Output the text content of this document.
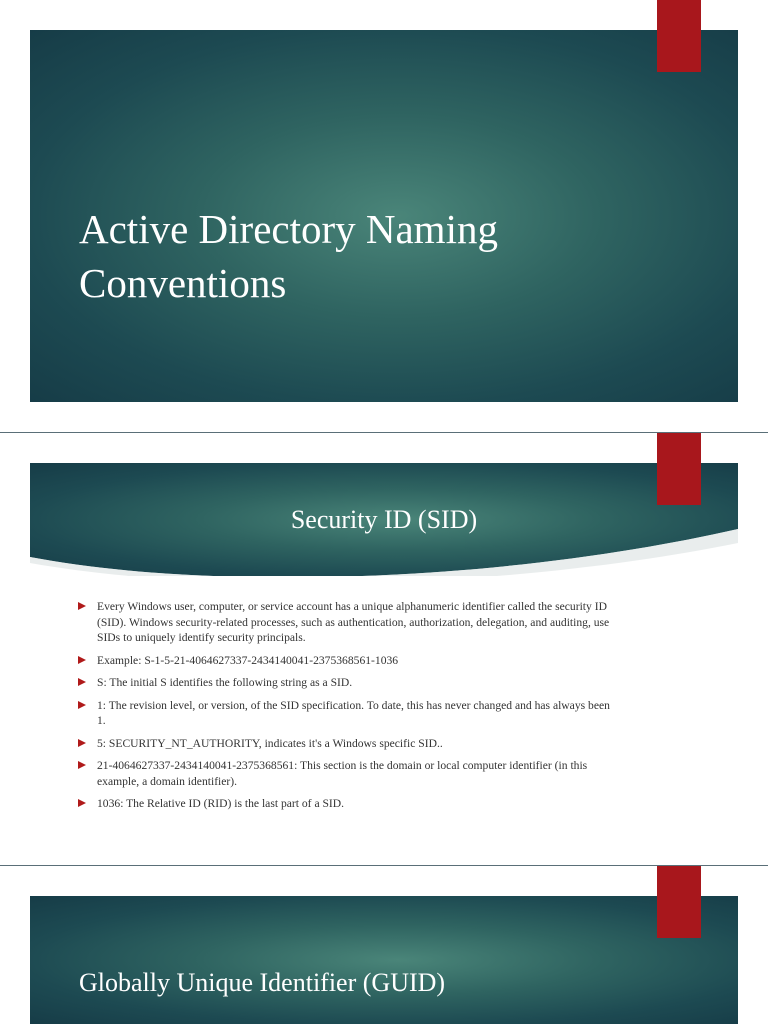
Active Directory Naming Conventions
Security ID (SID)
Every Windows user, computer, or service account has a unique alphanumeric identifier called the security ID (SID). Windows security-related processes, such as authentication, authorization, delegation, and auditing, use SIDs to uniquely identify security principals.
Example: S-1-5-21-4064627337-2434140041-2375368561-1036
S: The initial S identifies the following string as a SID.
1: The revision level, or version, of the SID specification. To date, this has never changed and has always been 1.
5: SECURITY_NT_AUTHORITY, indicates it's a Windows specific SID..
21-4064627337-2434140041-2375368561: This section is the domain or local computer identifier (in this example, a domain identifier).
1036: The Relative ID (RID) is the last part of a SID.
Globally Unique Identifier (GUID)
